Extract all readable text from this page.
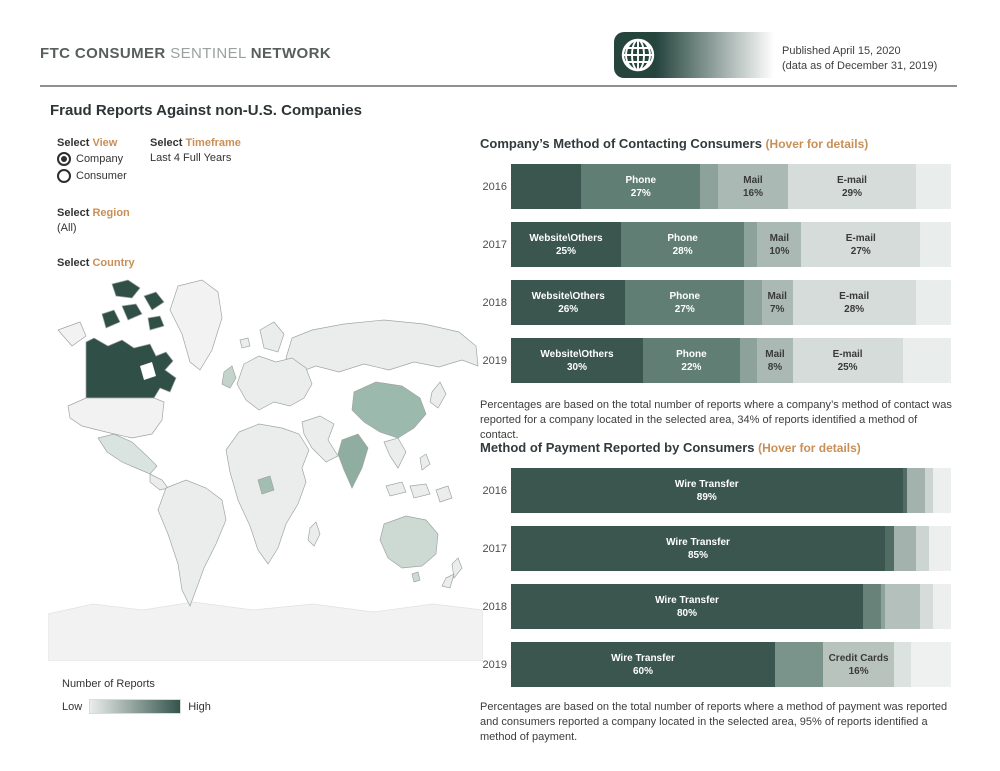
FTC CONSUMER SENTINEL NETWORK	Published April 15, 2020
(data as of December 31, 2019)
Fraud Reports Against non-U.S. Companies
Select View
Company
Consumer
Select Timeframe
Last 4 Full Years
Select Region
(All)
Select Country
Number of Reports
Low	High
Company’s Method of Contacting Consumers (Hover for details)
2016
Phone
27%
Mail
16%
E-mail
29%
2017
Website\Others
25%
Phone
28%
Mail
10%
E-mail
27%
2018
Website\Others
26%
Phone
27%
Mail
7%
E-mail
28%
2019
Website\Others
30%
Phone
22%
Mail
8%
E-mail
25%
Percentages are based on the total number of reports where a company’s method of contact was reported for a company located in the selected area, 34% of reports identified a method of contact.
Method of Payment Reported by Consumers (Hover for details)
2016
Wire Transfer
89%
2017
Wire Transfer
85%
2018
Wire Transfer
80%
2019
Wire Transfer
60%
Credit Cards
16%
Percentages are based on the total number of reports where a method of payment was reported and consumers reported a company located in the selected area, 95% of reports identified a method of payment.
